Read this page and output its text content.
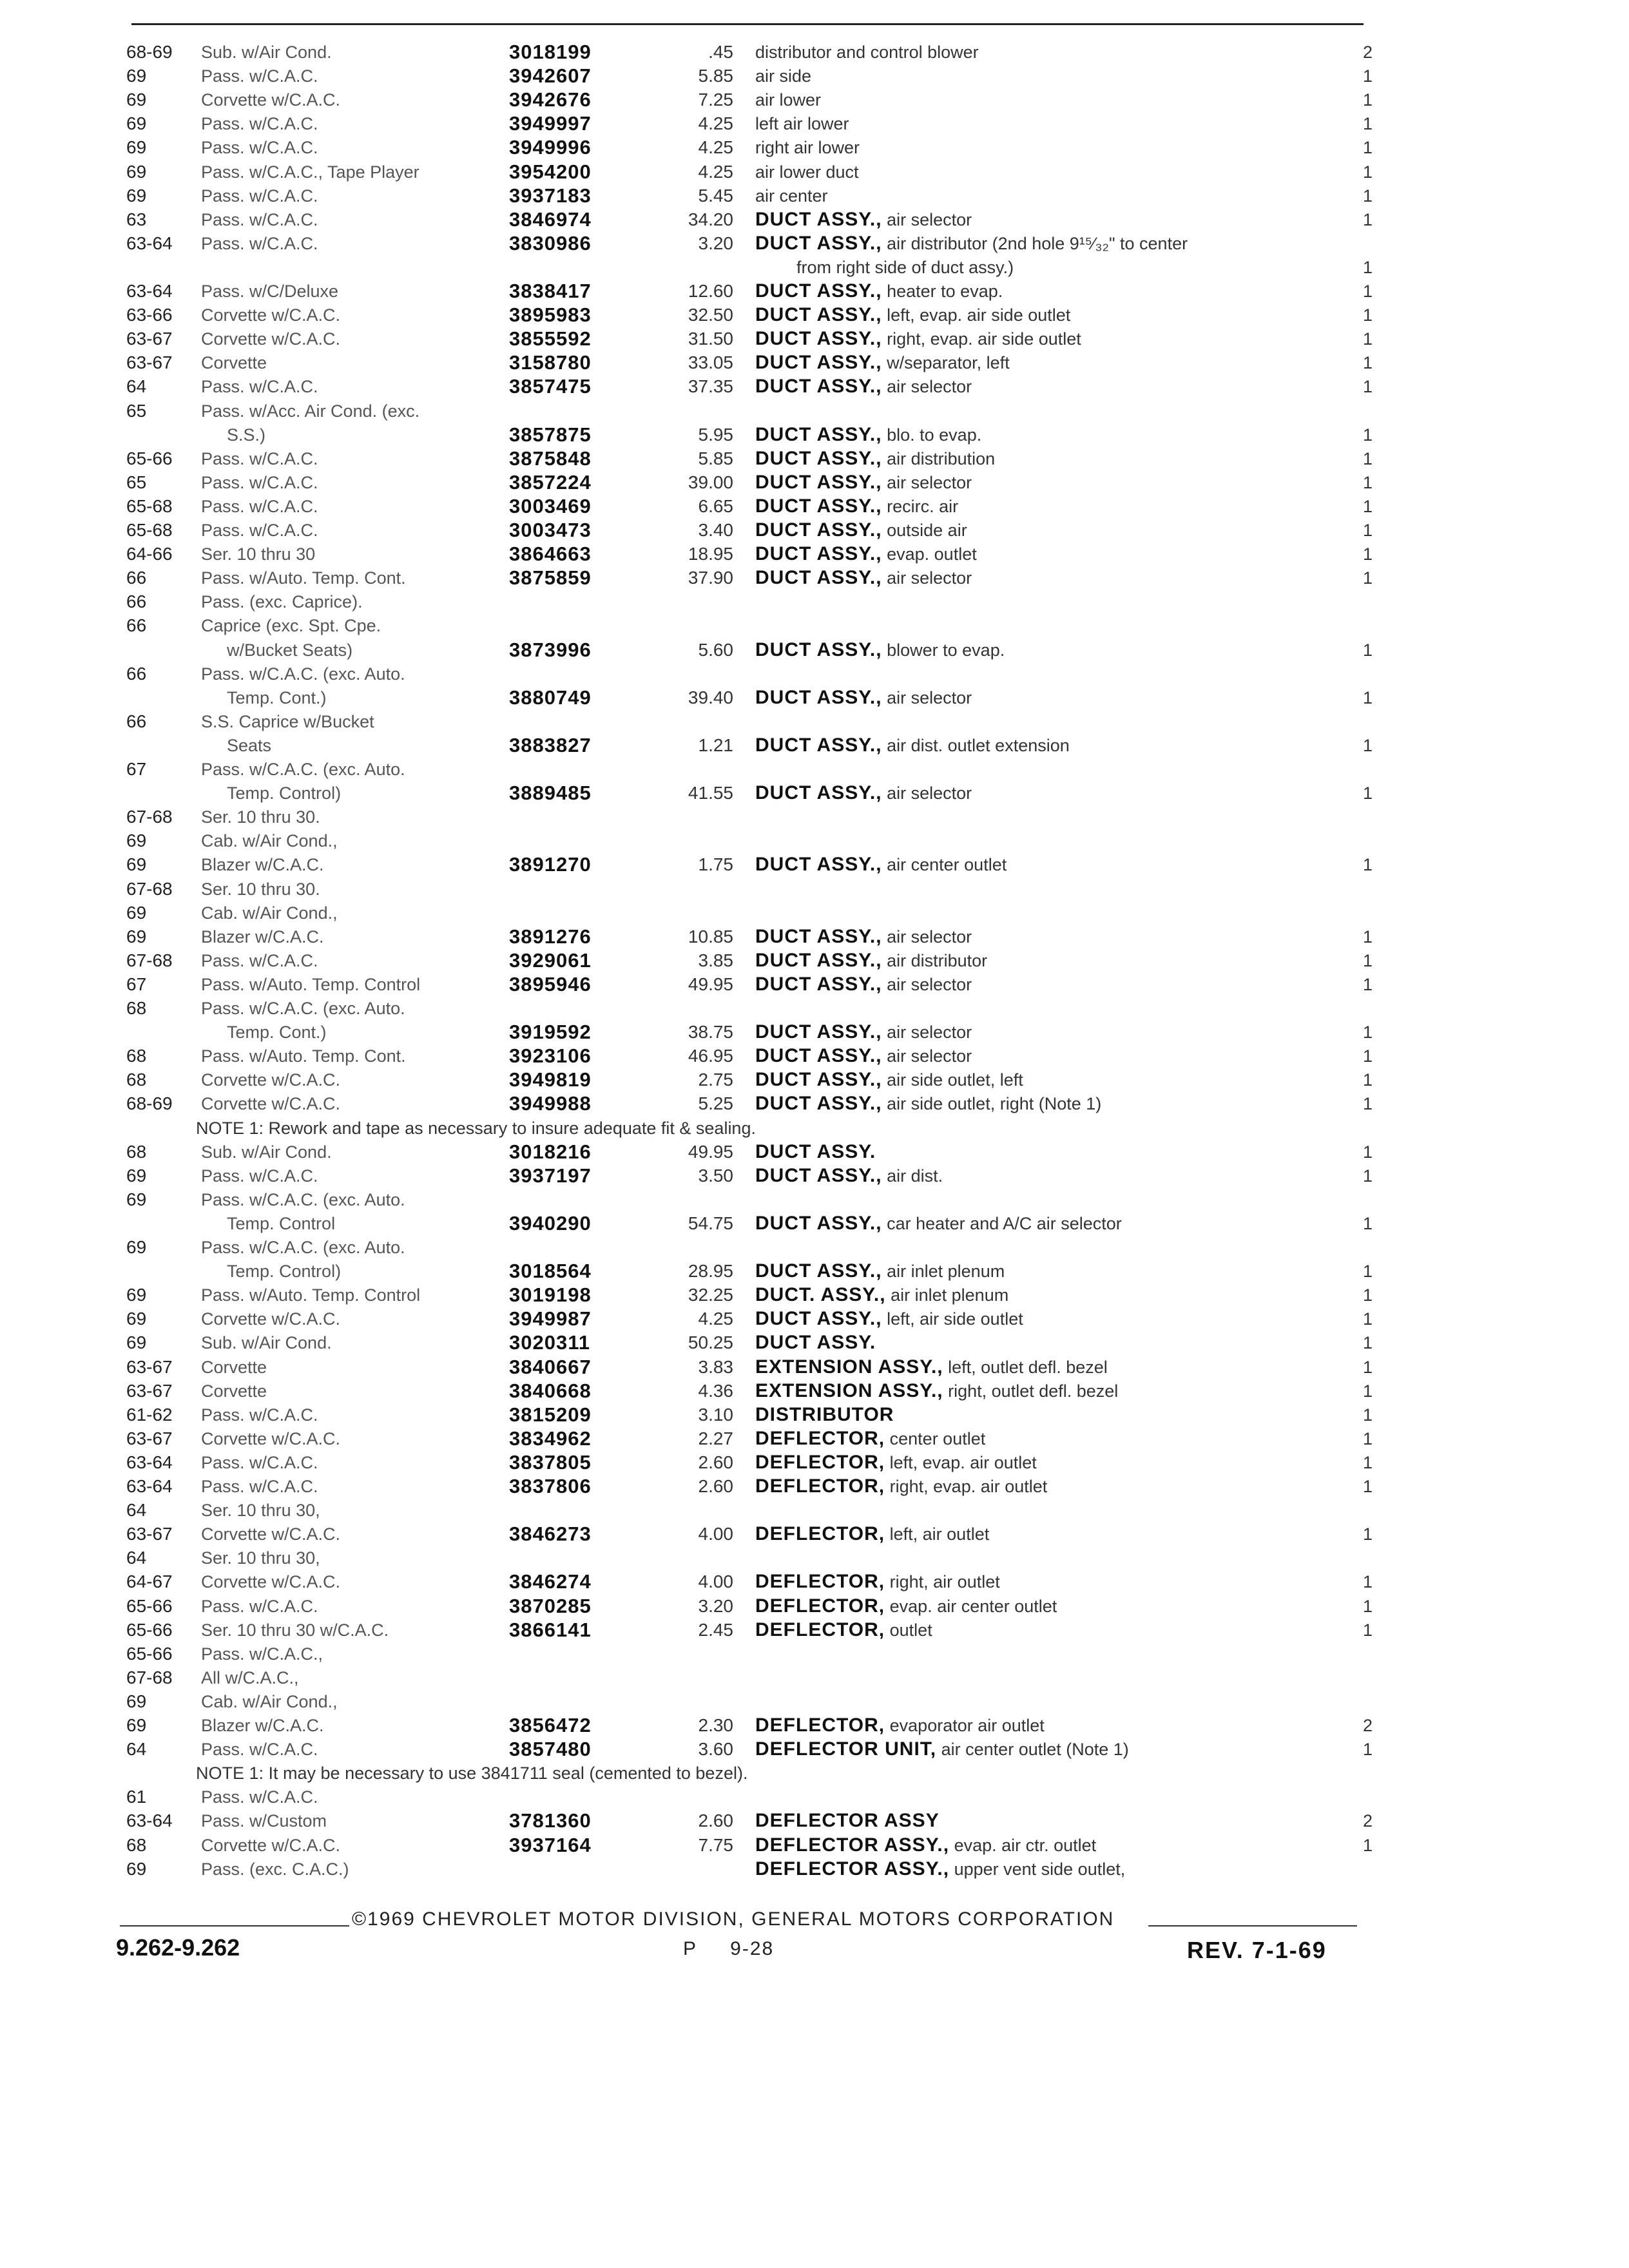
68-69 Sub. w/Air Cond.	3018199	.45 distributor and control blower	2
69	Pass. w/C.A.C.	3942607	5.85 air side	1
69	Corvette w/C.A.C.	3942676	7.25 air lower	1
69	Pass. w/C.A.C.	3949997	4.25 left air lower	1
69	Pass. w/C.A.C.	3949996	4.25 right air lower	1
69	Pass. w/C.A.C., Tape Player	3954200	4.25 air lower duct	1
69	Pass. w/C.A.C.	3937183	5.45 air center	1
63	Pass. w/C.A.C.	3846974	34.20 DUCT ASSY., air selector	1
63-64 Pass. w/C.A.C.	3830986	3.20 DUCT ASSY., air distributor (2nd hole 9¹⁵⁄₃₂" to center
from right side of duct assy.)	1
63-64 Pass. w/C/Deluxe	3838417	12.60 DUCT ASSY., heater to evap.	1
63-66 Corvette w/C.A.C.	3895983	32.50 DUCT ASSY., left, evap. air side outlet	1
63-67 Corvette w/C.A.C.	3855592	31.50 DUCT ASSY., right, evap. air side outlet	1
63-67 Corvette	3158780	33.05 DUCT ASSY., w/separator, left	1
64	Pass. w/C.A.C.	3857475	37.35 DUCT ASSY., air selector	1
65	Pass. w/Acc. Air Cond. (exc.
S.S.)	3857875	5.95 DUCT ASSY., blo. to evap.	1
65-66 Pass. w/C.A.C.	3875848	5.85 DUCT ASSY., air distribution	1
65	Pass. w/C.A.C.	3857224	39.00 DUCT ASSY., air selector	1
65-68 Pass. w/C.A.C.	3003469	6.65 DUCT ASSY., recirc. air	1
65-68 Pass. w/C.A.C.	3003473	3.40 DUCT ASSY., outside air	1
64-66 Ser. 10 thru 30	3864663	18.95 DUCT ASSY., evap. outlet	1
66	Pass. w/Auto. Temp. Cont.	3875859	37.90 DUCT ASSY., air selector	1
66	Pass. (exc. Caprice).
66	Caprice (exc. Spt. Cpe.
w/Bucket Seats)	3873996	5.60 DUCT ASSY., blower to evap.	1
66	Pass. w/C.A.C. (exc. Auto.
Temp. Cont.)	3880749	39.40 DUCT ASSY., air selector	1
66	S.S. Caprice w/Bucket
Seats	3883827	1.21 DUCT ASSY., air dist. outlet extension	1
67	Pass. w/C.A.C. (exc. Auto.
Temp. Control)	3889485	41.55 DUCT ASSY., air selector	1
67-68 Ser. 10 thru 30.
69	Cab. w/Air Cond.,
69	Blazer w/C.A.C.	3891270	1.75 DUCT ASSY., air center outlet	1
67-68 Ser. 10 thru 30.
69	Cab. w/Air Cond.,
69	Blazer w/C.A.C.	3891276	10.85 DUCT ASSY., air selector	1
67-68 Pass. w/C.A.C.	3929061	3.85 DUCT ASSY., air distributor	1
67	Pass. w/Auto. Temp. Control	3895946	49.95 DUCT ASSY., air selector	1
68	Pass. w/C.A.C. (exc. Auto.
Temp. Cont.)	3919592	38.75 DUCT ASSY., air selector	1
68	Pass. w/Auto. Temp. Cont.	3923106	46.95 DUCT ASSY., air selector	1
68	Corvette w/C.A.C.	3949819	2.75 DUCT ASSY., air side outlet, left	1
68-69 Corvette w/C.A.C.	3949988	5.25 DUCT ASSY., air side outlet, right (Note 1)	1
NOTE 1: Rework and tape as necessary to insure adequate fit & sealing.
68	Sub. w/Air Cond.	3018216	49.95 DUCT ASSY.	1
69	Pass. w/C.A.C.	3937197	3.50 DUCT ASSY., air dist.	1
69	Pass. w/C.A.C. (exc. Auto.
Temp. Control	3940290	54.75 DUCT ASSY., car heater and A/C air selector	1
69	Pass. w/C.A.C. (exc. Auto.
Temp. Control)	3018564	28.95 DUCT ASSY., air inlet plenum	1
69	Pass. w/Auto. Temp. Control	3019198	32.25 DUCT. ASSY., air inlet plenum	1
69	Corvette w/C.A.C.	3949987	4.25 DUCT ASSY., left, air side outlet	1
69	Sub. w/Air Cond.	3020311	50.25 DUCT ASSY.	1
63-67 Corvette	3840667	3.83 EXTENSION ASSY., left, outlet defl. bezel	1
63-67 Corvette	3840668	4.36 EXTENSION ASSY., right, outlet defl. bezel	1
61-62 Pass. w/C.A.C.	3815209	3.10 DISTRIBUTOR	1
63-67 Corvette w/C.A.C.	3834962	2.27 DEFLECTOR, center outlet	1
63-64 Pass. w/C.A.C.	3837805	2.60 DEFLECTOR, left, evap. air outlet	1
63-64 Pass. w/C.A.C.	3837806	2.60 DEFLECTOR, right, evap. air outlet	1
64	Ser. 10 thru 30,
63-67 Corvette w/C.A.C.	3846273	4.00 DEFLECTOR, left, air outlet	1
64	Ser. 10 thru 30,
64-67 Corvette w/C.A.C.	3846274	4.00 DEFLECTOR, right, air outlet	1
65-66 Pass. w/C.A.C.	3870285	3.20 DEFLECTOR, evap. air center outlet	1
65-66 Ser. 10 thru 30 w/C.A.C.	3866141	2.45 DEFLECTOR, outlet	1
65-66 Pass. w/C.A.C.,
67-68 All w/C.A.C.,
69	Cab. w/Air Cond.,
69	Blazer w/C.A.C.	3856472	2.30 DEFLECTOR, evaporator air outlet	2
64	Pass. w/C.A.C.	3857480	3.60 DEFLECTOR UNIT, air center outlet (Note 1)	1
NOTE 1: It may be necessary to use 3841711 seal (cemented to bezel).
61	Pass. w/C.A.C.
63-64 Pass. w/Custom	3781360	2.60 DEFLECTOR ASSY	2
68	Corvette w/C.A.C.	3937164	7.75 DEFLECTOR ASSY., evap. air ctr. outlet	1
69	Pass. (exc. C.A.C.)	DEFLECTOR ASSY., upper vent side outlet,
©1969 CHEVROLET MOTOR DIVISION, GENERAL MOTORS CORPORATION
9.262-9.262	P     9-28	REV. 7-1-69
